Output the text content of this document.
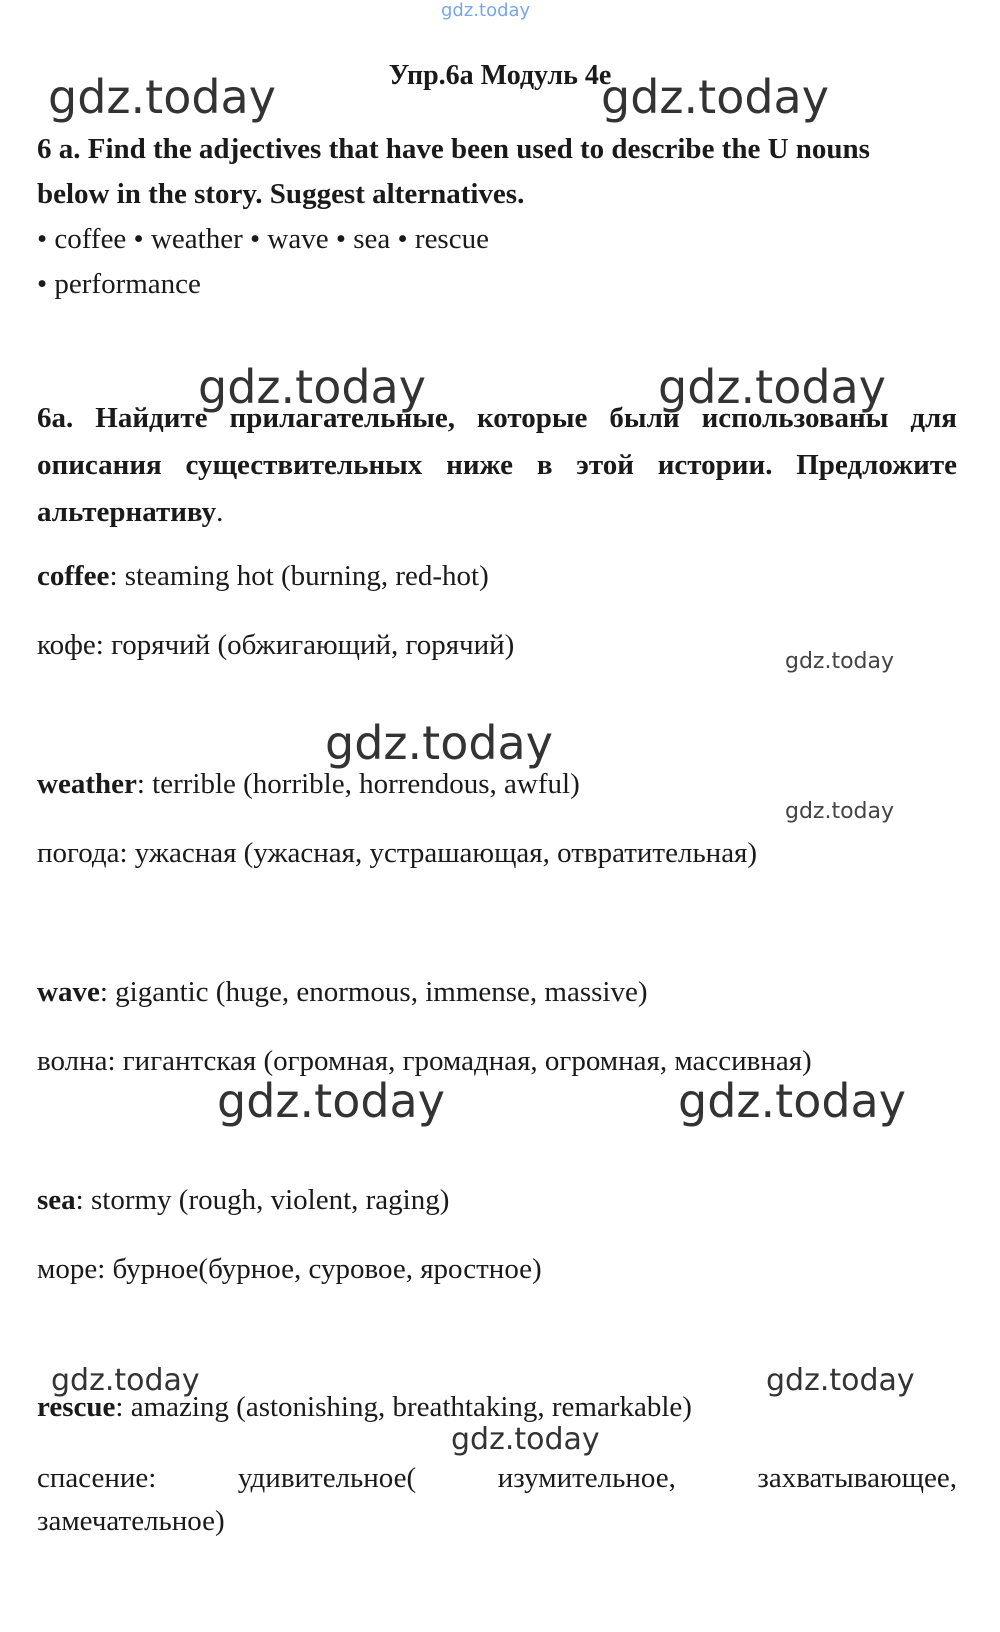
gdz.today
gdz.today	gdz.today
gdz.today	gdz.today
gdz.today
gdz.today
gdz.today
gdz.today	gdz.today
gdz.today	gdz.today
gdz.today
Упр.6а Модуль 4е
6 a. Find the adjectives that have been used to describe the U nouns
below in the story. Suggest alternatives.
• coffee • weather • wave • sea • rescue
• performance
6а. Найдите прилагательные, которые были использованы для
описания существительных ниже в этой истории. Предложите
альтернативу.
coffee: steaming hot (burning, red-hot)
кофе: горячий (обжигающий, горячий)
weather: terrible (horrible, horrendous, awful)
погода: ужасная (ужасная, устрашающая, отвратительная)
wave: gigantic (huge, enormous, immense, massive)
волна: гигантская (огромная, громадная, огромная, массивная)
sea: stormy (rough, violent, raging)
море: бурное(бурное, суровое, яростное)
rescue: amazing (astonishing, breathtaking, remarkable)
спасение:	удивительное(	изумительное,	захватывающее,
замечательное)
